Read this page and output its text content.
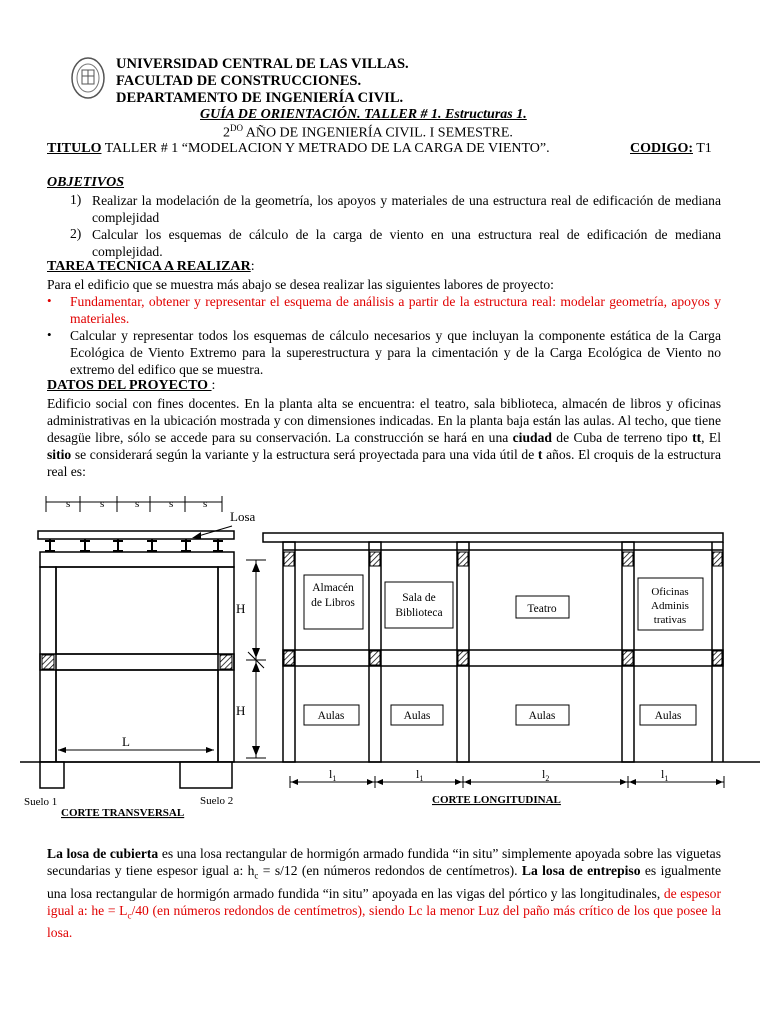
UNIVERSIDAD CENTRAL DE LAS VILLAS.
FACULTAD DE CONSTRUCCIONES.
DEPARTAMENTO DE INGENIERÍA CIVIL.
GUÍA DE ORIENTACIÓN. TALLER # 1. Estructuras 1.
$2^{DO}$ AÑO DE INGENIERÍA CIVIL. I SEMESTRE.
TITULO TALLER # 1 “MODELACION Y METRADO DE LA CARGA DE VIENTO”.	CODIGO: T1
OBJETIVOS
1) Realizar la modelación de la geometría, los apoyos y materiales de una estructura real de edificación de mediana complejidad
2) Calcular los esquemas de cálculo de la carga de viento en una estructura real de edificación de mediana complejidad.
TAREA TECNICA A REALIZAR:
Para el edificio que se muestra más abajo se desea realizar las siguientes labores de proyecto:
• Fundamentar, obtener y representar el esquema de análisis a partir de la estructura real: modelar geometría, apoyos y materiales.
• Calcular y representar todos los esquemas de cálculo necesarios y que incluyan la componente estática de la Carga Ecológica de Viento Extremo para la superestructura y para la cimentación y de la Carga Ecológica de Viento no extremo del edifico que se muestra.
DATOS DEL PROYECTO :
Edificio social con fines docentes. En la planta alta se encuentra: el teatro, sala biblioteca, almacén de libros y oficinas administrativas en la ubicación mostrada y con dimensiones indicadas. En la planta baja están las aulas. Al techo, que tiene desagüe libre, sólo se accede para su conservación. La construcción se hará en una ciudad de Cuba de terreno tipo tt, El sitio se considerará según la variante y la estructura será proyectada para una vida útil de t años. El croquis de la estructura real es:
s	s	s	s	s
Losa
H
H
L
Suelo 1	Suelo 2
CORTE TRANSVERSAL
Almacén
de Libros	Sala de
Biblioteca	Teatro
Oficinas
Adminis
trativas
Aulas	Aulas	Aulas	Aulas
$l_1$	$l_1$	$l_2$	$l_1$
CORTE LONGITUDINAL
La losa de cubierta es una losa rectangular de hormigón armado fundida “in situ” simplemente apoyada sobre las viguetas secundarias y tiene espesor igual a: $h_c = s/12$ (en números redondos de centímetros). La losa de entrepiso es igualmente una losa rectangular de hormigón armado fundida “in situ” apoyada en las vigas del pórtico y las longitudinales, de espesor igual a: he = $L_c/40$ (en números redondos de centímetros), siendo Lc la menor Luz del paño más crítico de los que posee la losa.
